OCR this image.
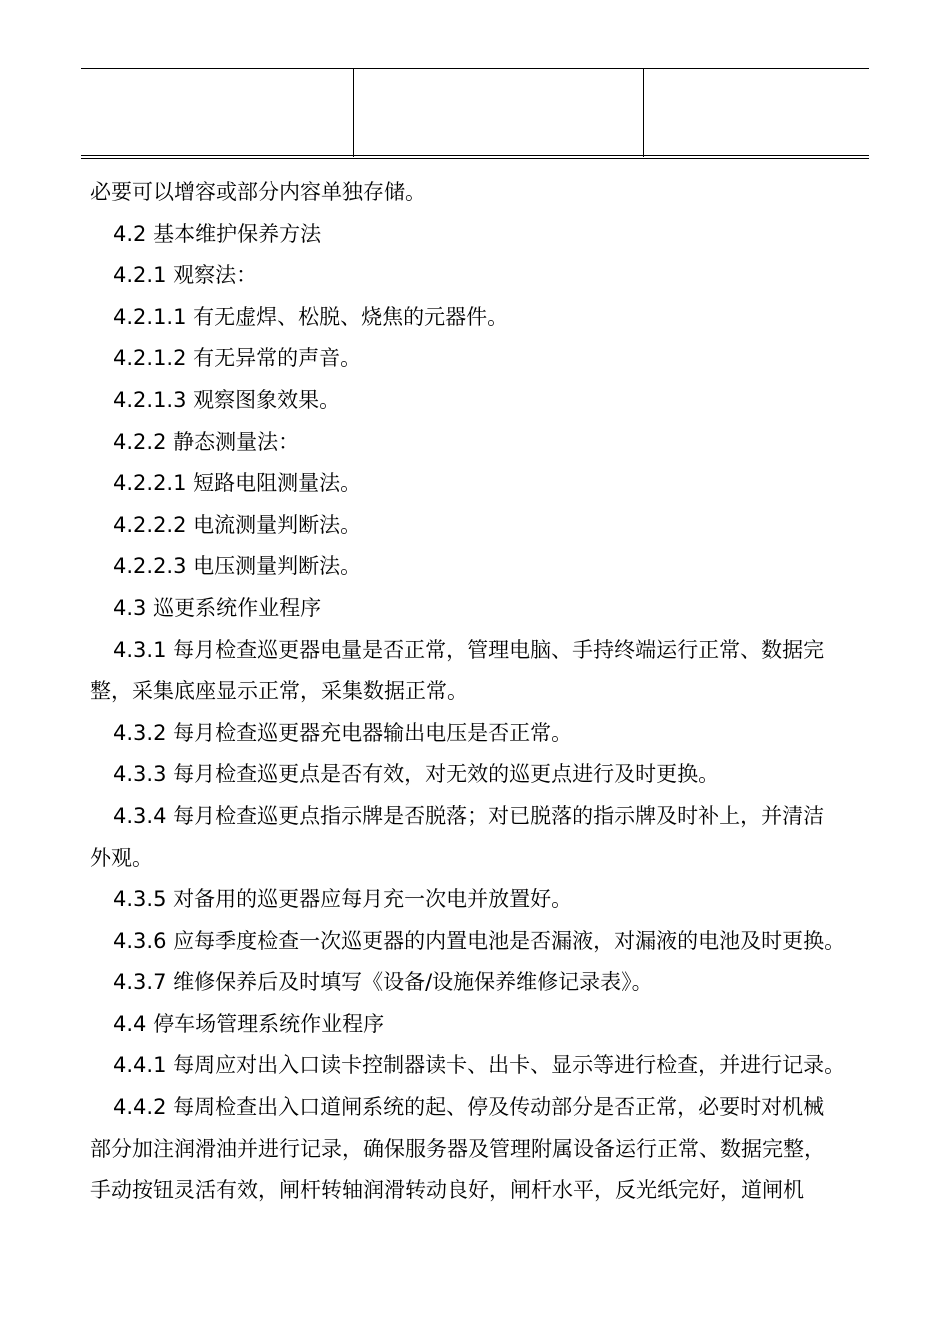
必要可以增容或部分内容单独存储。

4.2 基本维护保养方法

4.2.1 观察法：

4.2.1.1 有无虚焊、松脱、烧焦的元器件。

4.2.1.2 有无异常的声音。

4.2.1.3 观察图象效果。

4.2.2 静态测量法：

4.2.2.1 短路电阻测量法。

4.2.2.2 电流测量判断法。

4.2.2.3 电压测量判断法。

4.3 巡更系统作业程序

4.3.1 每月检查巡更器电量是否正常，管理电脑、手持终端运行正常、数据完

整，采集底座显示正常，采集数据正常。

4.3.2 每月检查巡更器充电器输出电压是否正常。

4.3.3 每月检查巡更点是否有效，对无效的巡更点进行及时更换。

4.3.4 每月检查巡更点指示牌是否脱落；对已脱落的指示牌及时补上，并清洁

外观。

4.3.5 对备用的巡更器应每月充一次电并放置好。

4.3.6 应每季度检查一次巡更器的内置电池是否漏液，对漏液的电池及时更换。

4.3.7 维修保养后及时填写《设备/设施保养维修记录表》。

4.4 停车场管理系统作业程序

4.4.1 每周应对出入口读卡控制器读卡、出卡、显示等进行检查，并进行记录。

4.4.2 每周检查出入口道闸系统的起、停及传动部分是否正常，必要时对机械

部分加注润滑油并进行记录，确保服务器及管理附属设备运行正常、数据完整，

手动按钮灵活有效，闸杆转轴润滑转动良好，闸杆水平，反光纸完好，道闸机
